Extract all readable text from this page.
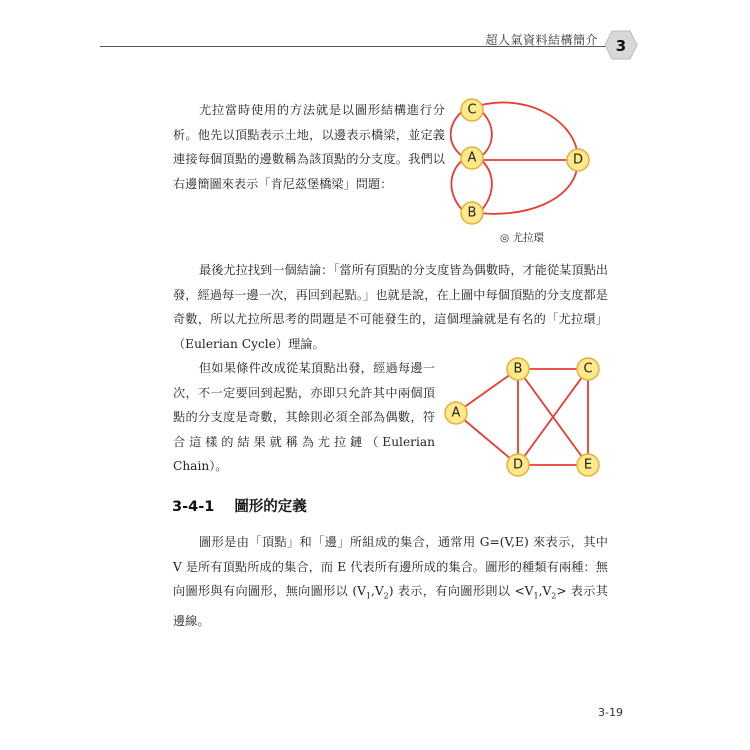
超人氣資料結構簡介 3

尤拉當時使用的方法就是以圖形結構進行分析。他先以頂點表示土地，以邊表示橋梁，並定義連接每個頂點的邊數稱為該頂點的分支度。我們以右邊簡圖來表示「肯尼茲堡橋梁」問題：

C
A	D
B
◎ 尤拉環

最後尤拉找到一個結論：「當所有頂點的分支度皆為偶數時，才能從某頂點出發，經過每一邊一次，再回到起點。」也就是說，在上圖中每個頂點的分支度都是奇數，所以尤拉所思考的問題是不可能發生的，這個理論就是有名的「尤拉環」（Eulerian Cycle）理論。

但如果條件改成從某頂點出發，經過每邊一次，不一定要回到起點，亦即只允許其中兩個頂點的分支度是奇數，其餘則必須全部為偶數，符合這樣的結果就稱為尤拉鏈（Eulerian Chain）。

B	C
A
D	E
3-4-1 圖形的定義

圖形是由「頂點」和「邊」所組成的集合，通常用 G=(V,E) 來表示，其中 V 是所有頂點所成的集合，而 E 代表所有邊所成的集合。圖形的種類有兩種：無向圖形與有向圖形，無向圖形以 $(V_1,V_2)$ 表示，有向圖形則以 $<V_1,V_2>$ 表示其邊線。

3-19
